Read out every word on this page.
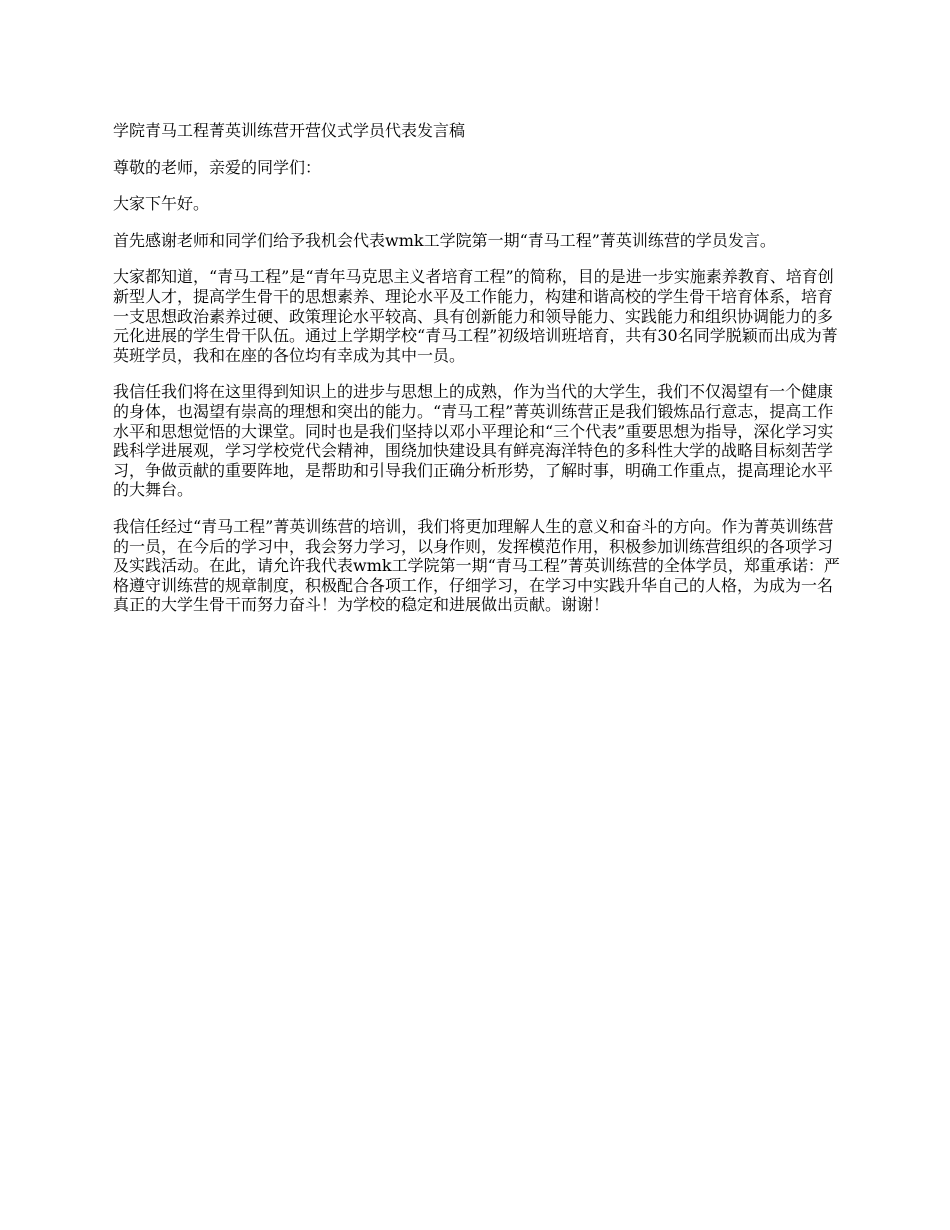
学院青马工程菁英训练营开营仪式学员代表发言稿

尊敬的老师，亲爱的同学们：

大家下午好。

首先感谢老师和同学们给予我机会代表wmk工学院第一期“青马工程”菁英训练营的学员发言。

大家都知道，“青马工程”是“青年马克思主义者培育工程”的简称，目的是进一步实施素养教育、培育创新型人才，提高学生骨干的思想素养、理论水平及工作能力，构建和谐高校的学生骨干培育体系，培育一支思想政治素养过硬、政策理论水平较高、具有创新能力和领导能力、实践能力和组织协调能力的多元化进展的学生骨干队伍。通过上学期学校“青马工程”初级培训班培育，共有30名同学脱颖而出成为菁英班学员，我和在座的各位均有幸成为其中一员。

我信任我们将在这里得到知识上的进步与思想上的成熟，作为当代的大学生，我们不仅渴望有一个健康的身体，也渴望有崇高的理想和突出的能力。“青马工程”菁英训练营正是我们锻炼品行意志，提高工作水平和思想觉悟的大课堂。同时也是我们坚持以邓小平理论和“三个代表”重要思想为指导，深化学习实践科学进展观，学习学校党代会精神，围绕加快建设具有鲜亮海洋特色的多科性大学的战略目标刻苦学习，争做贡献的重要阵地，是帮助和引导我们正确分析形势，了解时事，明确工作重点，提高理论水平的大舞台。

我信任经过“青马工程”菁英训练营的培训，我们将更加理解人生的意义和奋斗的方向。作为菁英训练营的一员，在今后的学习中，我会努力学习，以身作则，发挥模范作用，积极参加训练营组织的各项学习及实践活动。在此，请允许我代表wmk工学院第一期“青马工程”菁英训练营的全体学员，郑重承诺：严格遵守训练营的规章制度，积极配合各项工作，仔细学习，在学习中实践升华自己的人格，为成为一名真正的大学生骨干而努力奋斗！为学校的稳定和进展做出贡献。谢谢！
